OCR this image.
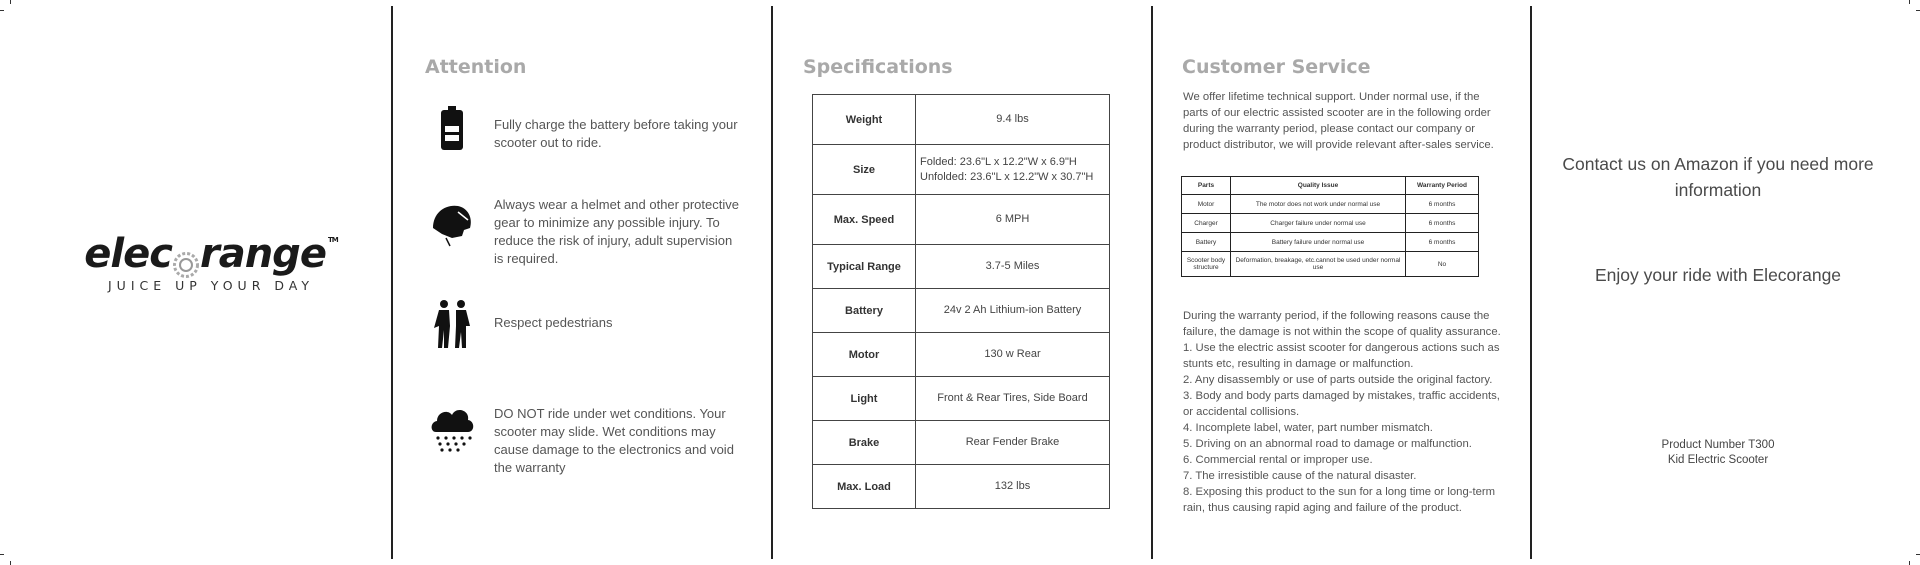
elec range TM
JUICE UP YOUR DAY
Attention
Fully charge the battery before taking your scooter out to ride.
Always wear a helmet and other protective gear to minimize any possible injury. To reduce the risk of injury, adult supervision is required.
Respect pedestrians
DO NOT ride under wet conditions. Your scooter may slide. Wet conditions may cause damage to the electronics and void the warranty
Specifications
Weight	9.4 lbs
Size	Folded: 23.6"L x 12.2"W x 6.9"H
Unfolded: 23.6"L x 12.2"W x 30.7"H

Max. Speed	6 MPH
Typical Range	3.7-5 Miles
Battery	24v 2 Ah Lithium-ion Battery
Motor	130 w Rear
Light	Front & Rear Tires, Side Board
Brake	Rear Fender Brake
Max. Load	132 lbs
Customer Service
We offer lifetime technical support. Under normal use, if the parts of our electric assisted scooter are in the following order during the warranty period, please contact our company or product distributor, we will provide relevant after-sales service.
Parts	Quality Issue	Warranty Period
Motor	The motor does not work under normal use	6 months
Charger	Charger failure under normal use	6 months
Battery	Battery failure under normal use	6 months
Scooter body structure	Deformation, breakage, etc.cannot be used under normal use	No

During the warranty period, if the following reasons cause the failure, the damage is not within the scope of quality assurance.

1. Use the electric assist scooter for dangerous actions such as stunts etc, resulting in damage or malfunction.

2. Any disassembly or use of parts outside the original factory.

3. Body and body parts damaged by mistakes, traffic accidents, or accidental collisions.

4. Incomplete label, water, part number mismatch.

5. Driving on an abnormal road to damage or malfunction.

6. Commercial rental or improper use.

7. The irresistible cause of the natural disaster.

8. Exposing this product to the sun for a long time or long-term rain, thus causing rapid aging and failure of the product.

Contact us on Amazon if you need more information
Enjoy your ride with Elecorange
Product Number T300
Kid Electric Scooter
